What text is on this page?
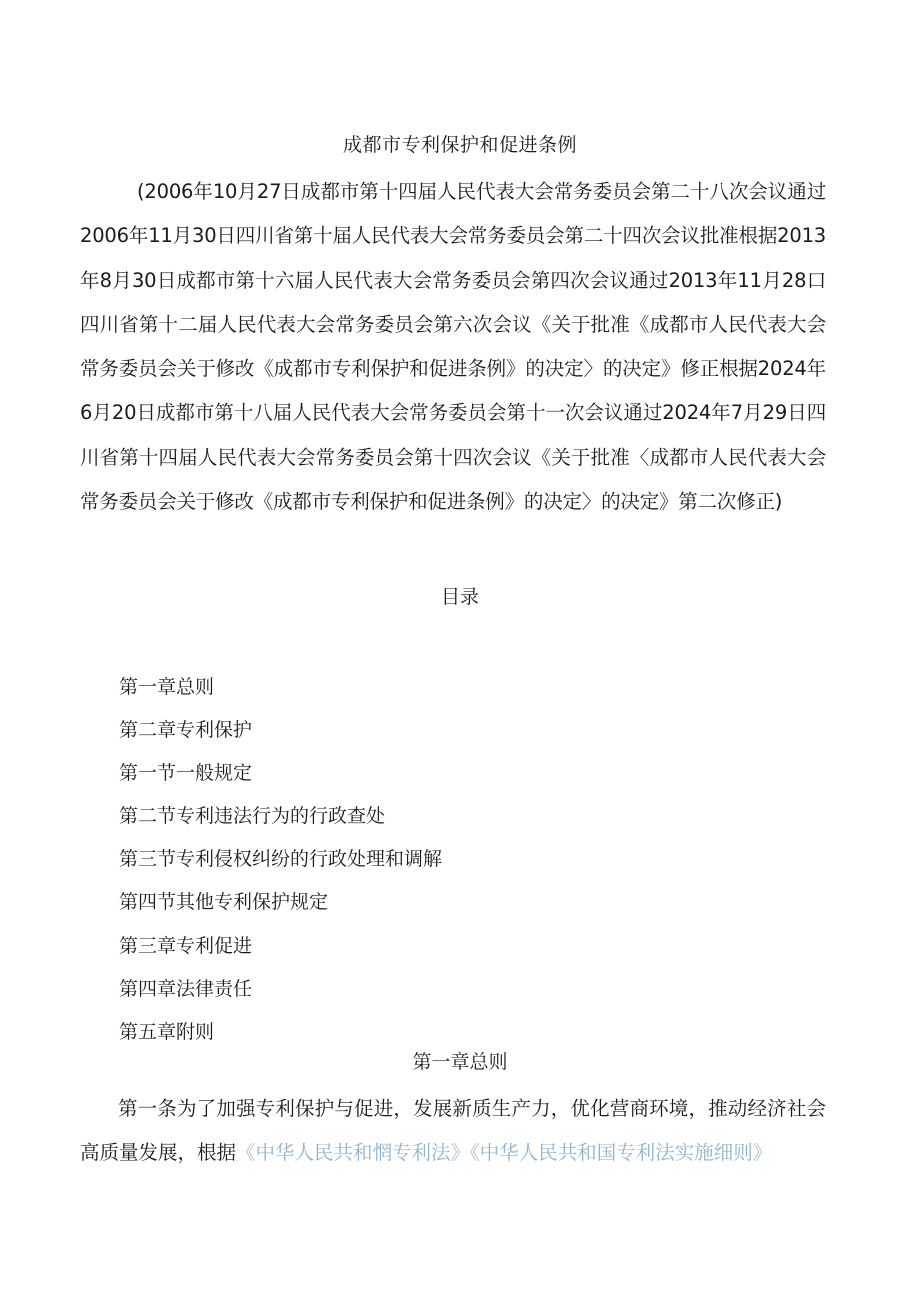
成都市专利保护和促进条例
(2006年10月27日成都市第十四届人民代表大会常务委员会第二十八次会议通过2006年11月30日四川省第十届人民代表大会常务委员会第二十四次会议批准根据2013年8月30日成都市第十六届人民代表大会常务委员会第四次会议通过2013年11月28口四川省第十二届人民代表大会常务委员会第六次会议《关于批准《成都市人民代表大会常务委员会关于修改《成都市专利保护和促进条例》的决定〉的决定》修正根据2024年6月20日成都市第十八届人民代表大会常务委员会第十一次会议通过2024年7月29日四川省第十四届人民代表大会常务委员会第十四次会议《关于批准〈成都市人民代表大会常务委员会关于修改《成都市专利保护和促进条例》的决定〉的决定》第二次修正)
目录
第一章总则
第二章专利保护
第一节一般规定
第二节专利违法行为的行政查处
第三节专利侵权纠纷的行政处理和调解
第四节其他专利保护规定
第三章专利促进
第四章法律责任
第五章附则
第一章总则
第一条为了加强专利保护与促进，发展新质生产力，优化营商环境，推动经济社会高质量发展，根据《中华人民共和惘专利法》《中华人民共和国专利法实施细则》
